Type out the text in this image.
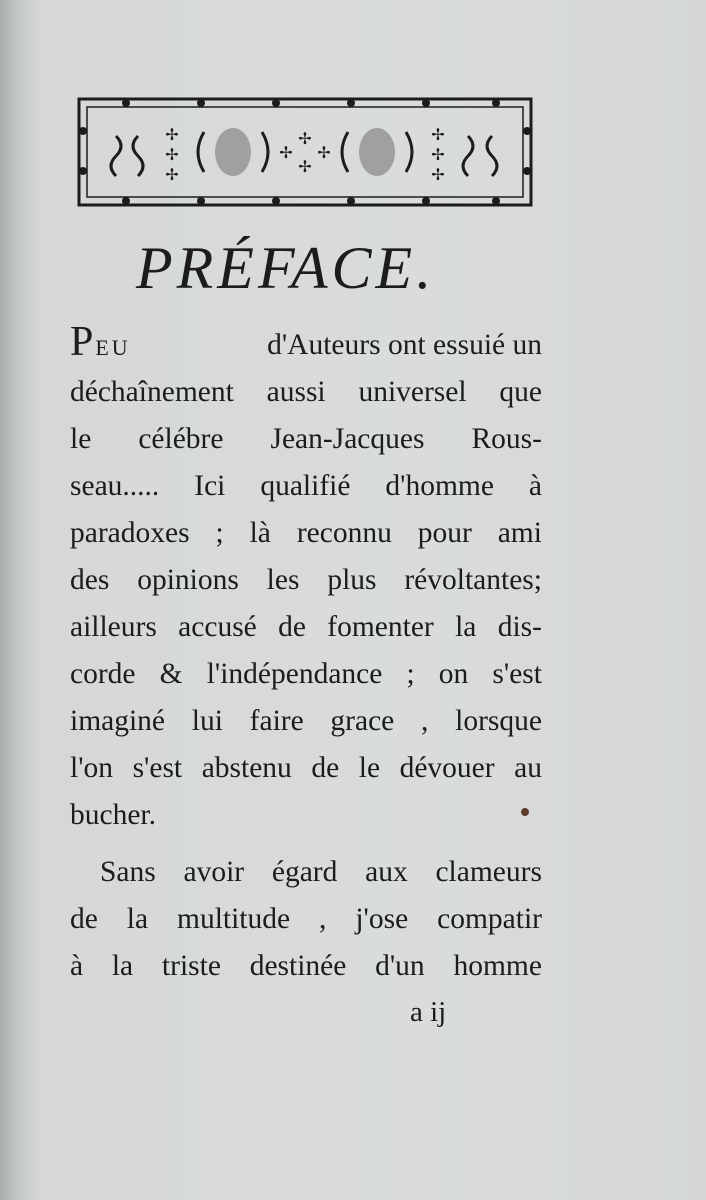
✢
✢
✢
✢
✢ ✢
✢
✢
✢
✢
PRÉFACE.
PEU	d'Auteurs ont essuié un
déchaînement aussi universel que
le célébre Jean-Jacques Rous-
seau..... Ici qualifié d'homme à
paradoxes ; là reconnu pour ami
des opinions les plus révoltantes;
ailleurs accusé de fomenter la dis-
corde & l'indépendance ; on s'est
imaginé lui faire grace , lorsque
l'on s'est abstenu de le dévouer au
bucher.
Sans avoir égard aux clameurs
de la multitude , j'ose compatir
à la triste destinée d'un homme
a ij
